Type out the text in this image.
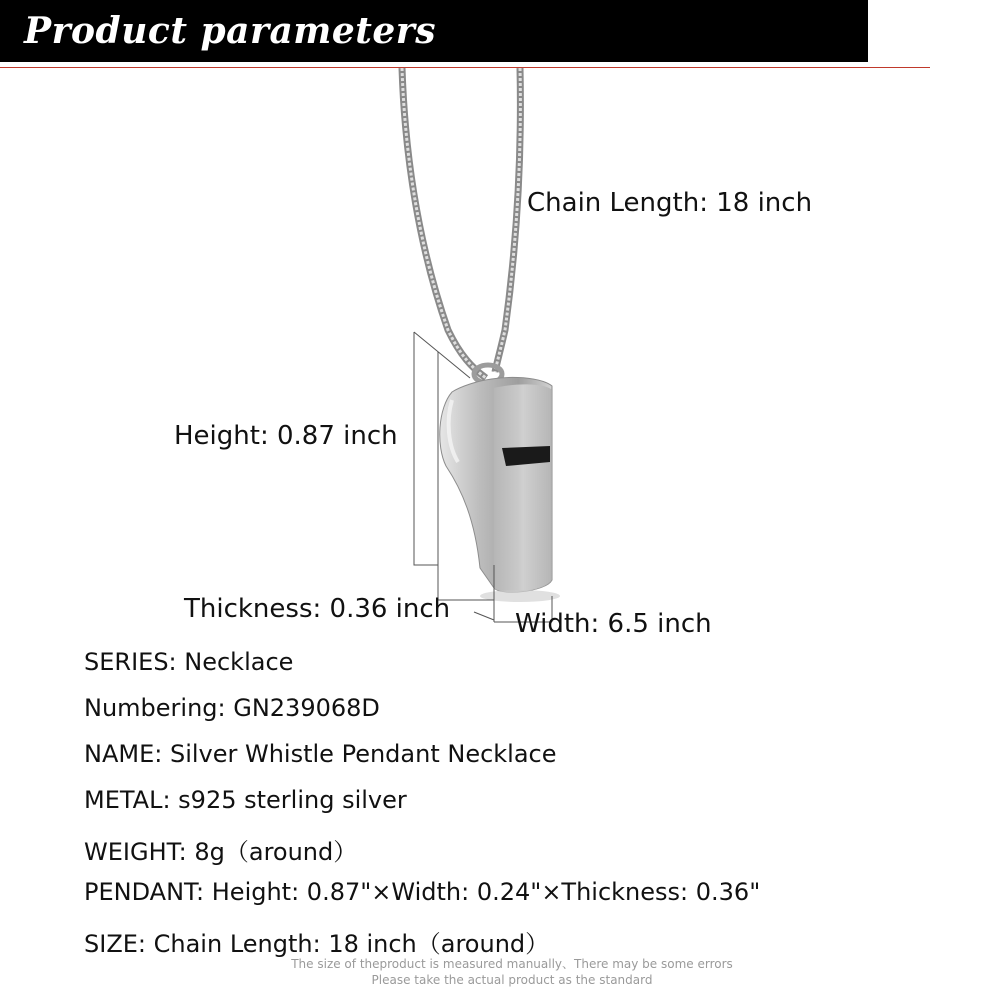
Product parameters
Chain Length: 18 inch
Height: 0.87 inch
Thickness: 0.36 inch Width: 6.5 inch
SERIES: Necklace
Numbering: GN239068D
NAME: Silver Whistle Pendant Necklace
METAL: s925 sterling silver
WEIGHT: 8g（around）
PENDANT: Height: 0.87"×Width: 0.24"×Thickness: 0.36"
SIZE: Chain Length: 18 inch（around）
The size of theproduct is measured manually、There may be some errors
Please take the actual product as the standard
